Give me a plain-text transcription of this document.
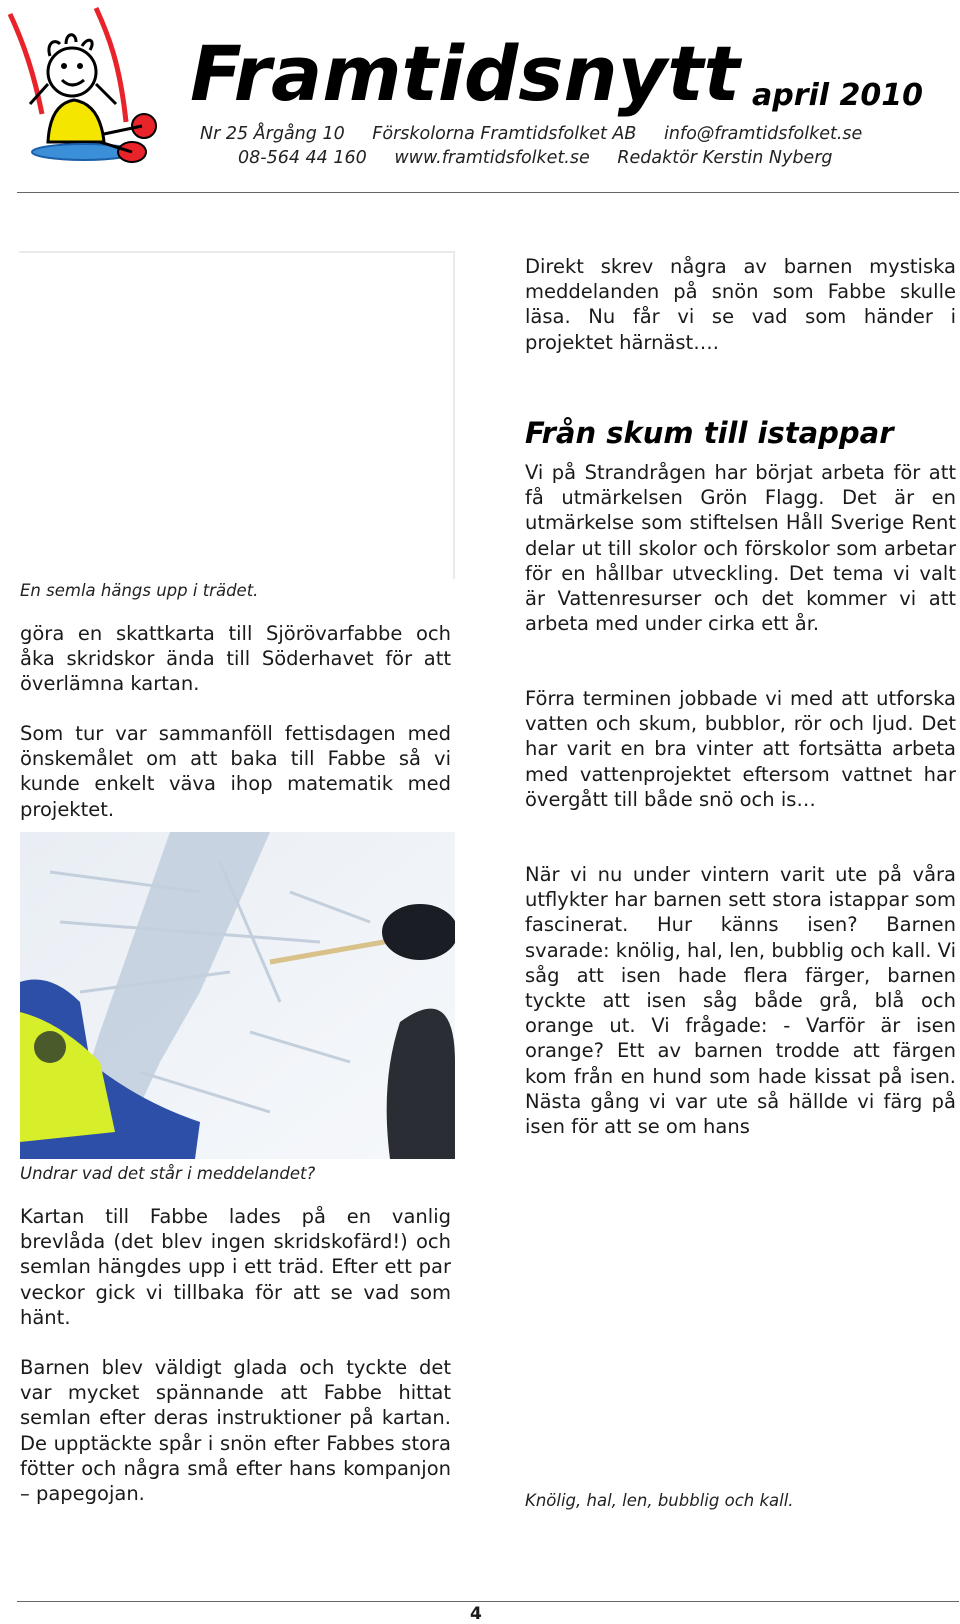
Framtidsnytt april 2010
Nr 25 Årgång 10 Förskolorna Framtidsfolket AB info@framtidsfolket.se
08-564 44 160 www.framtidsfolket.se Redaktör Kerstin Nyberg

En semla hängs upp i trädet.

göra en skattkarta till Sjörövarfabbe och åka skridskor ända till Söderhavet för att överlämna kartan.

Som tur var sammanföll fettisdagen med önskemålet om att baka till Fabbe så vi kunde enkelt väva ihop matematik med projektet.

Undrar vad det står i meddelandet?

Kartan till Fabbe lades på en vanlig brevlåda (det blev ingen skridskofärd!) och semlan hängdes upp i ett träd. Efter ett par veckor gick vi tillbaka för att se vad som hänt.

Barnen blev väldigt glada och tyckte det var mycket spännande att Fabbe hittat semlan efter deras instruktioner på kartan. De upptäckte spår i snön efter Fabbes stora fötter och några små efter hans kompanjon – papegojan.

Direkt skrev några av barnen mystiska meddelanden på snön som Fabbe skulle läsa. Nu får vi se vad som händer i projektet härnäst….

Från skum till istappar

Vi på Strandrågen har börjat arbeta för att få utmärkelsen Grön Flagg. Det är en utmärkelse som stiftelsen Håll Sverige Rent delar ut till skolor och förskolor som arbetar för en hållbar utveckling. Det tema vi valt är Vattenresurser och det kommer vi att arbeta med under cirka ett år.

Förra terminen jobbade vi med att utforska vatten och skum, bubblor, rör och ljud. Det har varit en bra vinter att fortsätta arbeta med vattenprojektet eftersom vattnet har övergått till både snö och is…

När vi nu under vintern varit ute på våra utflykter har barnen sett stora istappar som fascinerat. Hur känns isen? Barnen svarade: knölig, hal, len, bubblig och kall. Vi såg att isen hade flera färger, barnen tyckte att isen såg både grå, blå och orange ut. Vi frågade: - Varför är isen orange? Ett av barnen trodde att färgen kom från en hund som hade kissat på isen. Nästa gång vi var ute så hällde vi färg på isen för att se om hans

Knölig, hal, len, bubblig och kall.

4
